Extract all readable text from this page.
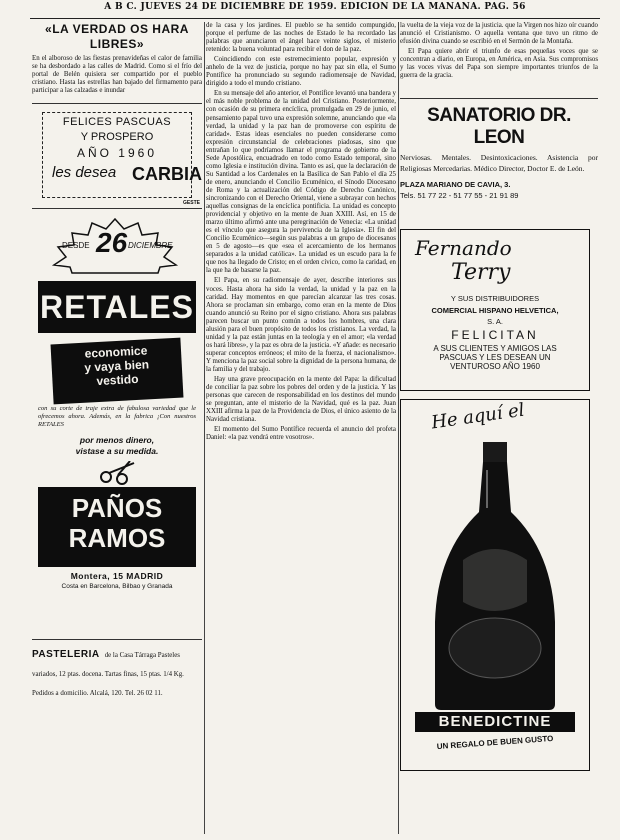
A B C. JUEVES 24 DE DICIEMBRE DE 1959. EDICION DE LA MAÑANA. PAG. 56
«LA VERDAD OS HARA
LIBRES»

En el alboroso de las fiestas prenavideñas el calor de familia se ha desbordado a las calles de Madrid. Como si el frío del portal de Belén quisiera ser compartido por el pueblo cristiano. Hasta las estrellas han bajado del firmamento para participar a las calzadas e inundar

FELICES PASCUAS
Y PROSPERO
AÑO 1960
les desea CARBIA
GESTE
DESDE 26 DICIEMBRE
RETALES
economice
y vaya bien
vestido

con su corte de traje extra de fabulosa variedad que le ofrecemos ahora. Además, en la fabrica ¡Con nuestros RETALES

por menos dinero,
vistase a su medida.
PAÑOS
RAMOS
Montera, 15 MADRID
Costa en Barcelona, Bilbao y Granada
PASTELERIA de la Casa Tárraga Pasteles variados, 12 ptas. docena. Tartas finas, 15 ptas. 1/4 Kg. Pedidos a domicilio. Alcalá, 120. Tel. 26 02 11.

de la casa y los jardines. El pueblo se ha sentido compungido, porque el perfume de las noches de Estado le ha recordado las palabras que anunciaron el ángel hace veinte siglos, el misterio retenido: la buena voluntad para recibir el don de la paz.

Coincidiendo con este estremecimiento popular, expresión y anhelo de la vez de justicia, porque no hay paz sin ella, el Sumo Pontífice ha pronunciado su segundo radiomensaje de Navidad, dirigido a todo el mundo cristiano.

En su mensaje del año anterior, el Pontífice levantó una bandera y el más noble problema de la unidad del Cristiano. Posteriormente, con ocasión de su primera encíclica, promulgada en 29 de junio, el pensamiento papal tuvo una expresión solemne, anunciando que «la verdad, la unidad y la paz han de promoverse con espíritu de caridad». Estas ideas esenciales no pueden considerarse como expresión circunstancial de celebraciones piadosas, sino que entrañan lo que podríamos llamar el programa de gobierno de la Sede Apostólica, encuadrado en todo como Estado temporal, sino como Iglesia e institución divina. Tanto es así, que la declaración de Su Santidad a los Cardenales en la Basílica de San Pablo el día 25 de enero, anunciando el Concilio Ecuménico, el Sínodo Diocesano de Roma y la actualización del Código de Derecho Canónico, sincronizando con el Derecho Oriental, viene a subrayar con hechos aquellas consignas de la encíclica pontificia. La unidad es concepto providencial y objetivo en la mente de Juan XXIII. Así, en 15 de marzo último afirmó ante una peregrinación de Venecia: «La unidad es el vínculo que asegura la pervivencia de la Iglesia». El fin del Concilio Ecuménico—según sus palabras a un grupo de diocesanos en 5 de agosto—es que «sea el acercamiento de los hermanos separados a la unidad católica». La unidad es un escudo para la fe que nos ha llegado de Cristo; en el orden cívico, como la caridad, en la que ha de basarse la paz.

El Papa, en su radiomensaje de ayer, describe interiores sus voces. Hasta ahora ha sido la verdad, la unidad y la paz en la caridad. Hay momentos en que parecían alcanzar las tres cosas. Ahora se proclaman sin embargo, como eran en la mente de Dios cuando anunció su Reino por el signo cristiano. Ahora sus palabras parecen buscar un punto común a todos los hombres, una clara alusión para el buen propósito de todos los cristianos. La verdad, la unidad y la paz están juntas en la teología y en el amor; «la verdad os hará libres», y la paz es obra de la justicia. «Y añade: es necesario superar conceptos erróneos; el mito de la fuerza, el nacionalismo». Y menciona la paz social sobre la dignidad de la persona humana, de la familia y del trabajo.

Hay una grave preocupación en la mente del Papa: la dificultad de conciliar la paz sobre los pobres del orden y de la justicia. Y las personas que carecen de responsabilidad en los destinos del mundo se preguntan, ante el misterio de la Navidad, qué es la paz. Juan XXIII afirma la paz de la Providencia de Dios, el único asiento de la Navidad cristiana.

El momento del Sumo Pontífice recuerda el anuncio del profeta Daniel: «la paz vendrá entre vosotros».

la vuelta de la vieja voz de la justicia. que la Virgen nos hizo oír cuando anunció el Cristianismo. O aquella ventana que tuvo un ritmo de efusión divina cuando se escribió en el Sermón de la Montaña.

El Papa quiere abrir el triunfo de esas pequeñas voces que se concentran a diario, en Europa, en América, en Asia. Sus compromisos y las voces vivas del Papa son siempre importantes triunfos de la guerra de la gracia.

SANATORIO DR. LEON

Nerviosas. Mentales. Desintoxicaciones. Asistencia por Religiosas Mercedarias. Médico Director, Doctor E. de León.

PLAZA MARIANO DE CAVIA, 3.
Tels. 51 77 22 - 51 77 55 - 21 91 89
Fernando
Terry
Y SUS DISTRIBUIDORES
COMERCIAL HISPANO HELVETICA,
S. A.
FELICITAN
A SUS CLIENTES Y AMIGOS LAS
PASCUAS Y LES DESEAN UN
VENTUROSO AÑO 1960
He aquí el
BENEDICTINE
UN REGALO DE BUEN GUSTO
